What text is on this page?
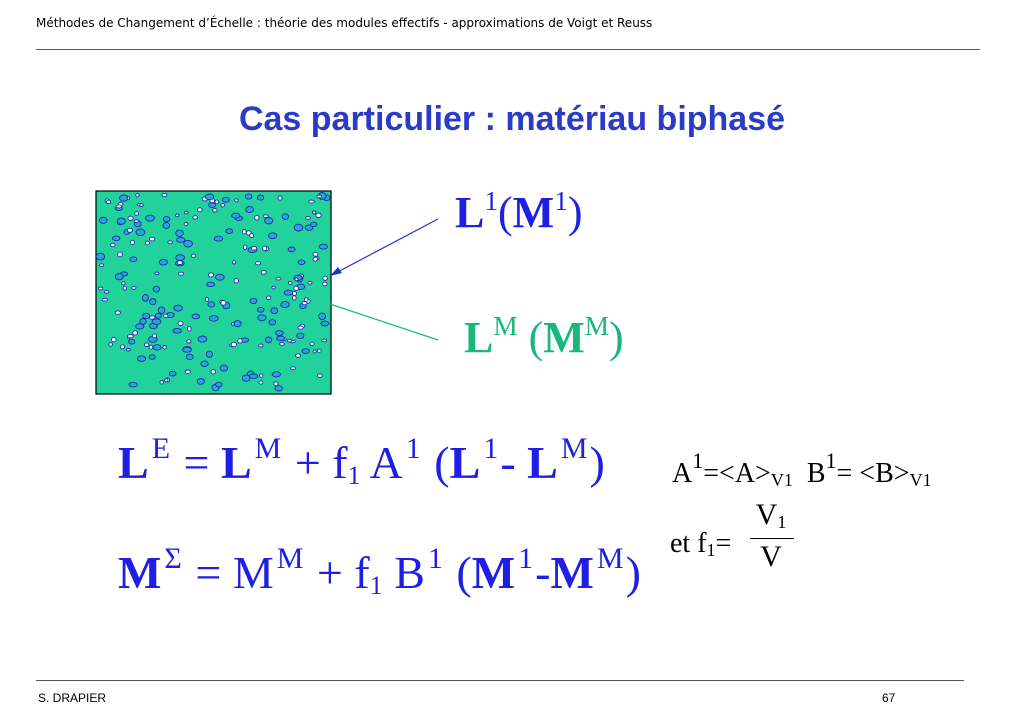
Méthodes de Changement d’Échelle : théorie des modules effectifs - approximations de Voigt et Reuss
Cas particulier : matériau biphasé
$L^1(M^1)$
$L^M$ $(M^M)$
L $^E$ = L $^M + f_1$ A $^1$ (L $^1$- L $^M$)
M $^\Sigma$ = M $^M + f_1$ B $^1$ (M $^1$-M $^M$)
$A^1=<A>_{V1}$ $B^1= <B>_{V1}$
et $f_1=$
$V_1$
V
S. DRAPIER	67
